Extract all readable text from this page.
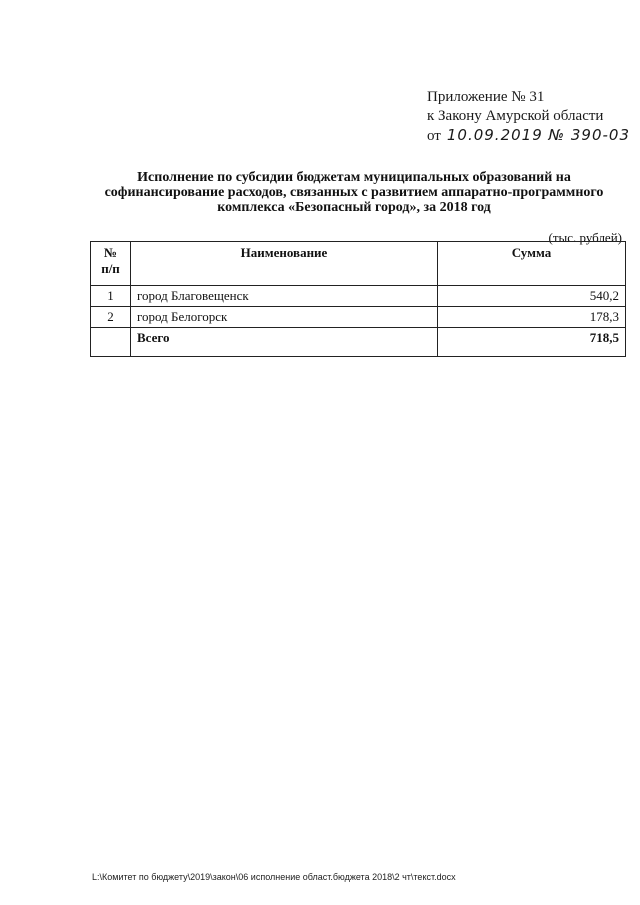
Приложение № 31
к Закону Амурской области
от 10.09.2019 № 390-03
Исполнение по субсидии бюджетам муниципальных образований на софинансирование расходов, связанных с развитием аппаратно-программного комплекса «Безопасный город», за 2018 год
(тыс. рублей)
№ п/п	Наименование	Сумма
1	город Благовещенск	540,2
2	город Белогорск	178,3
	Всего	718,5
L:\Комитет по бюджету\2019\закон\06 исполнение област.бюджета 2018\2 чт\текст.docx
